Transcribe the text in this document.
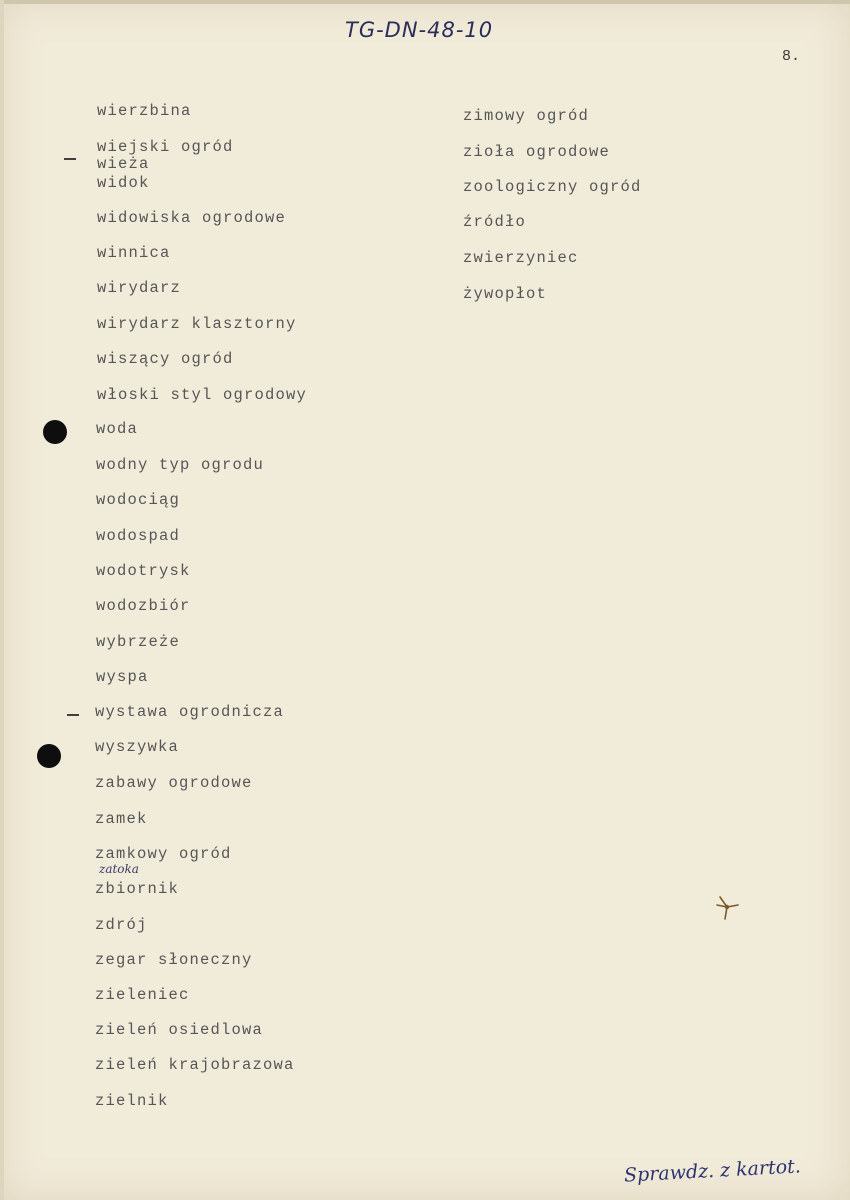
TG-DN-48-10
8.

wierzbina

wiejski ogród

wieża

widok

widowiska ogrodowe

winnica

wirydarz

wirydarz klasztorny

wiszący ogród

włoski styl ogrodowy

woda

wodny typ ogrodu

wodociąg

wodospad

wodotrysk

wodozbiór

wybrzeże

wyspa

wystawa ogrodnicza

wyszywka

zabawy ogrodowe

zamek

zamkowy ogród

zbiornik

zdrój

zegar słoneczny

zieleniec

zieleń osiedlowa

zieleń krajobrazowa

zielnik

zimowy ogród

zioła ogrodowe

zoologiczny ogród

źródło

zwierzyniec

żywopłot

zatoka
Sprawdz. z kartot.
